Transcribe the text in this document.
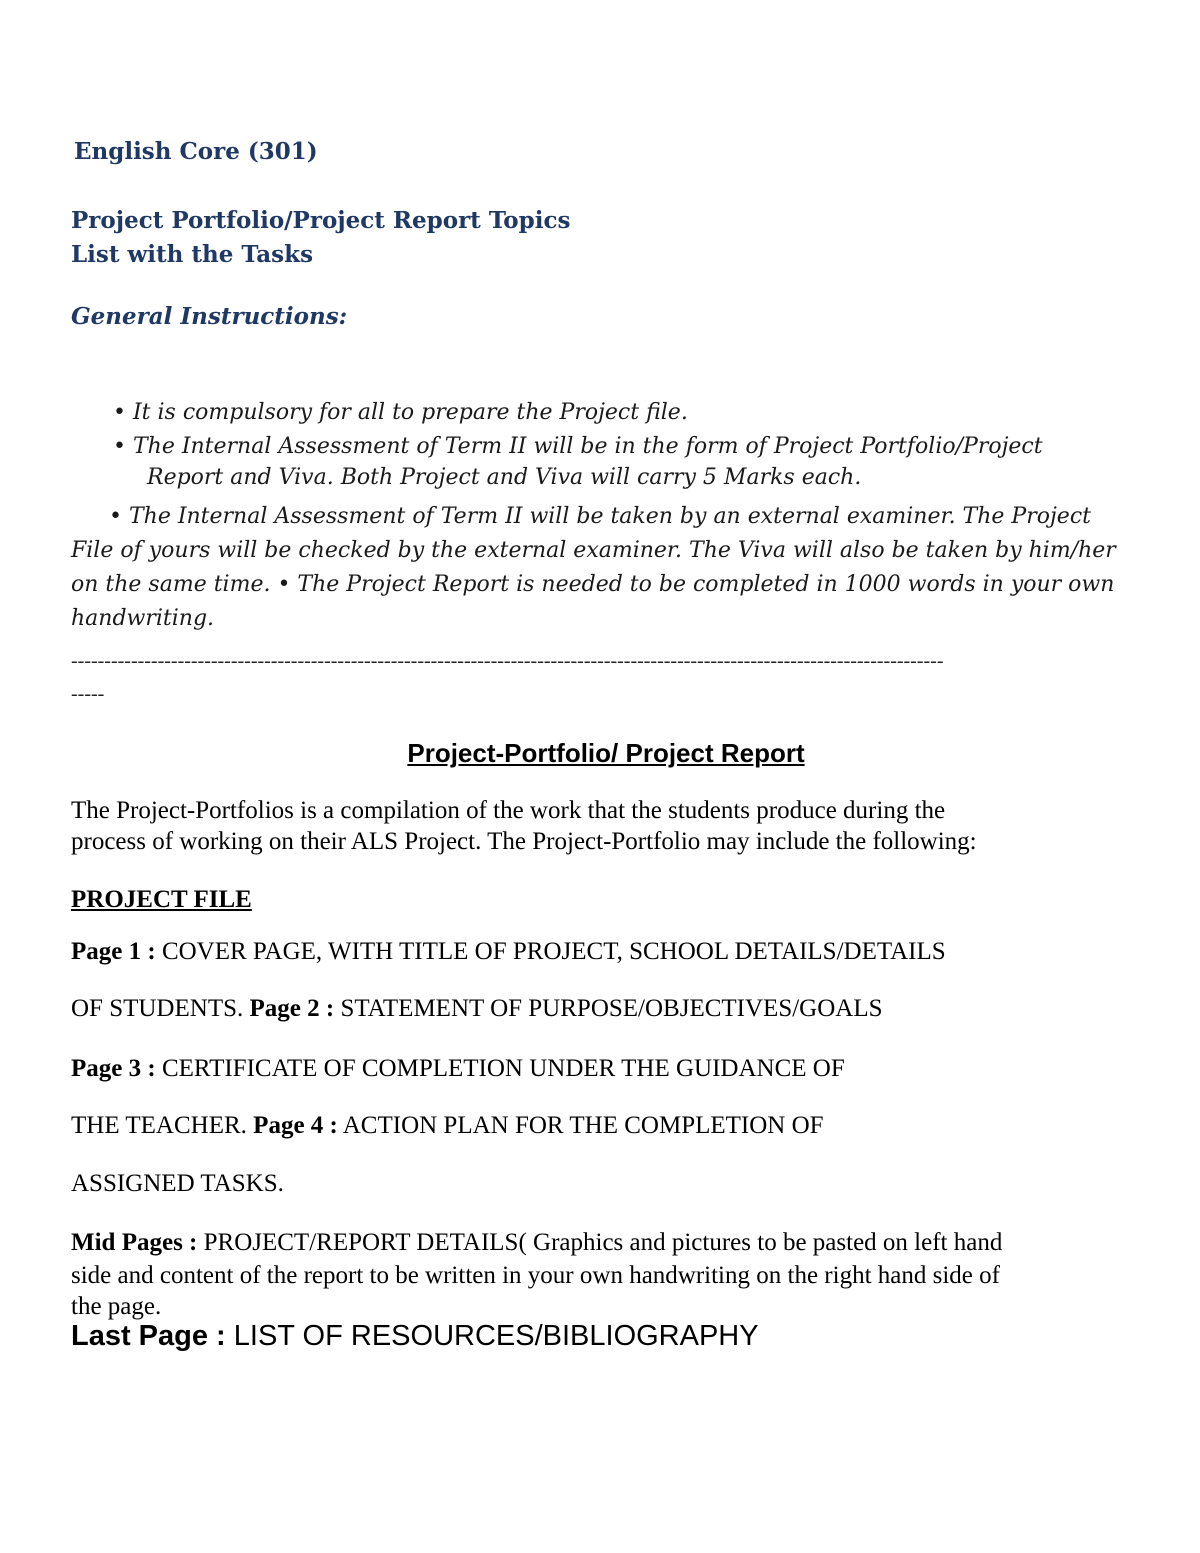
English Core (301)

Project Portfolio/Project Report Topics
List with the Tasks

General Instructions:

• It is compulsory for all to prepare the Project file.

• The Internal Assessment of Term II will be in the form of Project Portfolio/Project

Report and Viva. Both Project and Viva will carry 5 Marks each.

• The Internal Assessment of Term II will be taken by an external examiner. The Project File of yours will be checked by the external examiner. The Viva will also be taken by him/her on the same time. • The Project Report is needed to be completed in 1000 words in your own handwriting.

-----------------------------------------------------------------------------------------------------------------------------------

-----

Project-Portfolio/ Project Report

The Project-Portfolios is a compilation of the work that the students produce during the

process of working on their ALS Project. The Project-Portfolio may include the following:

PROJECT FILE

Page 1 : COVER PAGE, WITH TITLE OF PROJECT, SCHOOL DETAILS/DETAILS

OF STUDENTS. Page 2 : STATEMENT OF PURPOSE/OBJECTIVES/GOALS

Page 3 : CERTIFICATE OF COMPLETION UNDER THE GUIDANCE OF

THE TEACHER. Page 4 : ACTION PLAN FOR THE COMPLETION OF

ASSIGNED TASKS.

Mid Pages : PROJECT/REPORT DETAILS( Graphics and pictures to be pasted on left hand

side and content of the report to be written in your own handwriting on the right hand side of

the page.

Last Page : LIST OF RESOURCES/BIBLIOGRAPHY
